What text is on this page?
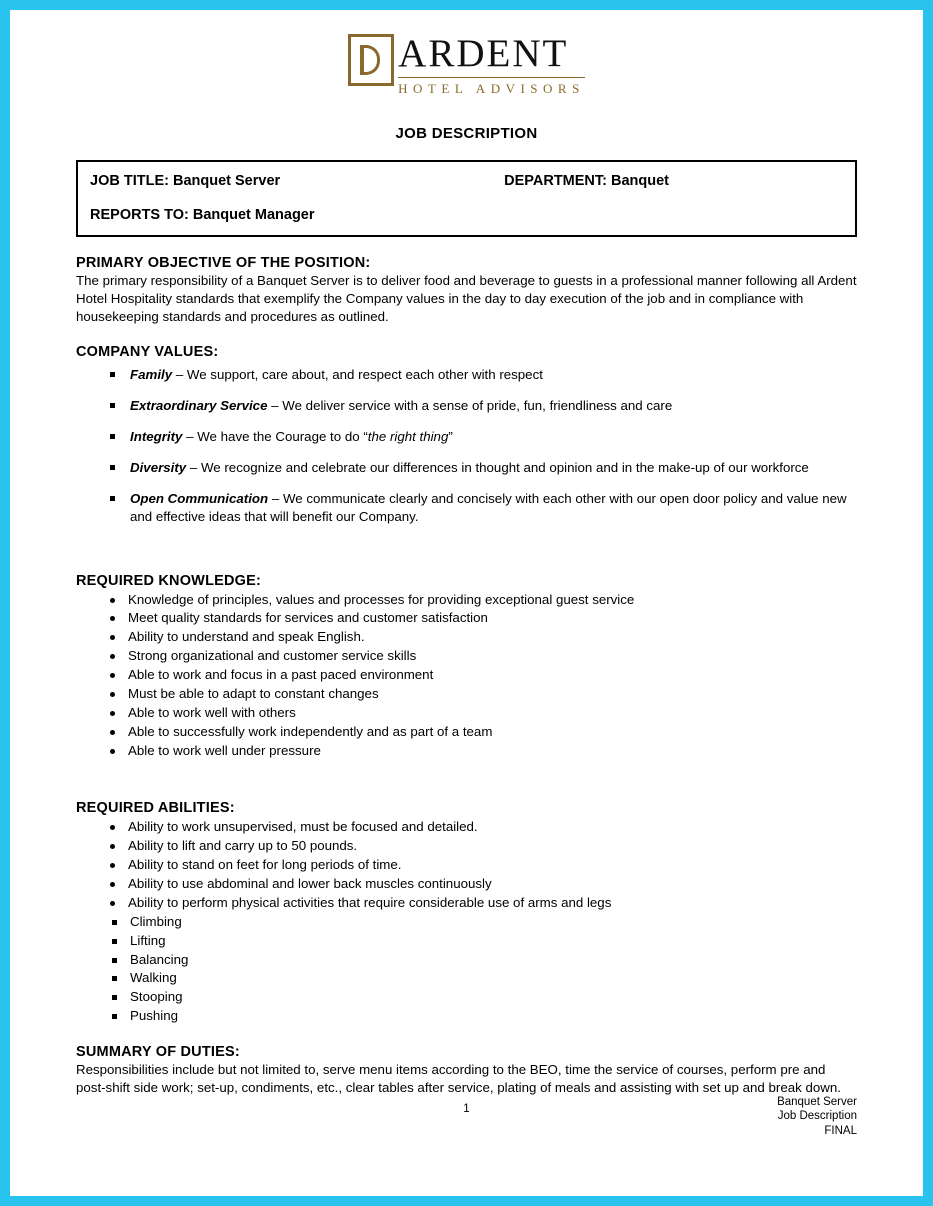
ARDENT
HOTEL ADVISORS
JOB DESCRIPTION
JOB TITLE: Banquet Server	DEPARTMENT: Banquet
REPORTS TO: Banquet Manager
PRIMARY OBJECTIVE OF THE POSITION:

The primary responsibility of a Banquet Server is to deliver food and beverage to guests in a professional manner following all Ardent Hotel Hospitality standards that exemplify the Company values in the day to day execution of the job and in compliance with housekeeping standards and procedures as outlined.

COMPANY VALUES:
Family – We support, care about, and respect each other with respect
Extraordinary Service – We deliver service with a sense of pride, fun, friendliness and care
Integrity – We have the Courage to do “the right thing”
Diversity – We recognize and celebrate our differences in thought and opinion and in the make-up of our workforce
Open Communication – We communicate clearly and concisely with each other with our open door policy and value new and effective ideas that will benefit our Company.
REQUIRED KNOWLEDGE:
Knowledge of principles, values and processes for providing exceptional guest service
Meet quality standards for services and customer satisfaction
Ability to understand and speak English.
Strong organizational and customer service skills
Able to work and focus in a past paced environment
Must be able to adapt to constant changes
Able to work well with others
Able to successfully work independently and as part of a team
Able to work well under pressure
REQUIRED ABILITIES:
Ability to work unsupervised, must be focused and detailed.
Ability to lift and carry up to 50 pounds.
Ability to stand on feet for long periods of time.
Ability to use abdominal and lower back muscles continuously
Ability to perform physical activities that require considerable use of arms and legs
Climbing
Lifting
Balancing
Walking
Stooping
Pushing
SUMMARY OF DUTIES:

Responsibilities include but not limited to, serve menu items according to the BEO, time the service of courses, perform pre and post-shift side work; set-up, condiments, etc., clear tables after service, plating of meals and assisting with set up and break down.

1
Banquet Server
Job Description
FINAL
